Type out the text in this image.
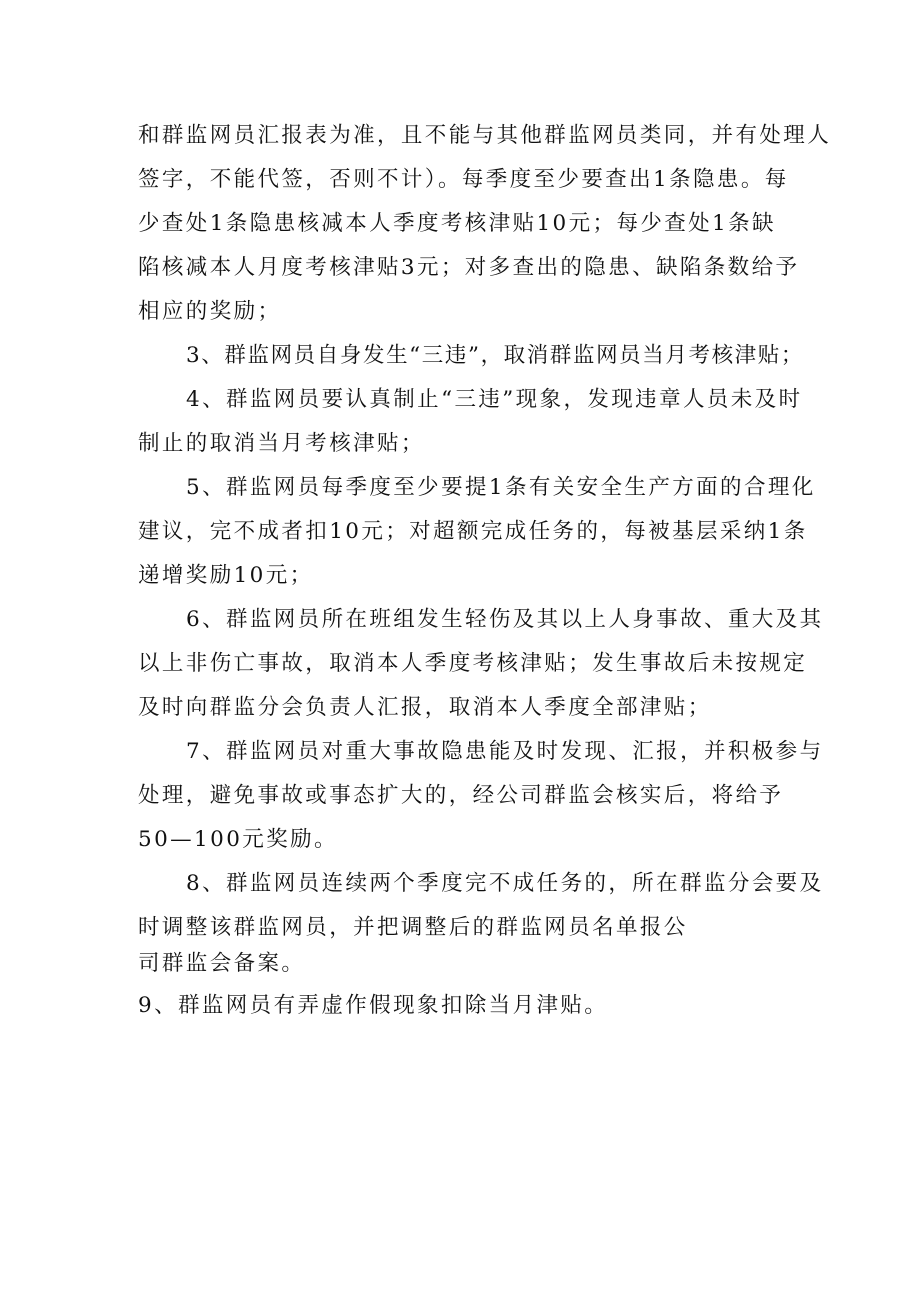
和群监网员汇报表为准，且不能与其他群监网员类同，并有处理人
签字，不能代签，否则不计）。每季度至少要查出1条隐患。每
少查处1条隐患核减本人季度考核津贴10元；每少查处1条缺
陷核减本人月度考核津贴3元；对多查出的隐患、缺陷条数给予
相应的奖励；
3、群监网员自身发生“三违”，取消群监网员当月考核津贴；
4、群监网员要认真制止“三违”现象，发现违章人员未及时
制止的取消当月考核津贴；
5、群监网员每季度至少要提1条有关安全生产方面的合理化
建议，完不成者扣10元；对超额完成任务的，每被基层采纳1条
递增奖励10元；
6、群监网员所在班组发生轻伤及其以上人身事故、重大及其
以上非伤亡事故，取消本人季度考核津贴；发生事故后未按规定
及时向群监分会负责人汇报，取消本人季度全部津贴；
7、群监网员对重大事故隐患能及时发现、汇报，并积极参与
处理，避免事故或事态扩大的，经公司群监会核实后，将给予
50—100元奖励。
8、群监网员连续两个季度完不成任务的，所在群监分会要及
时调整该群监网员，并把调整后的群监网员名单报公
司群监会备案。
9、群监网员有弄虚作假现象扣除当月津贴。
